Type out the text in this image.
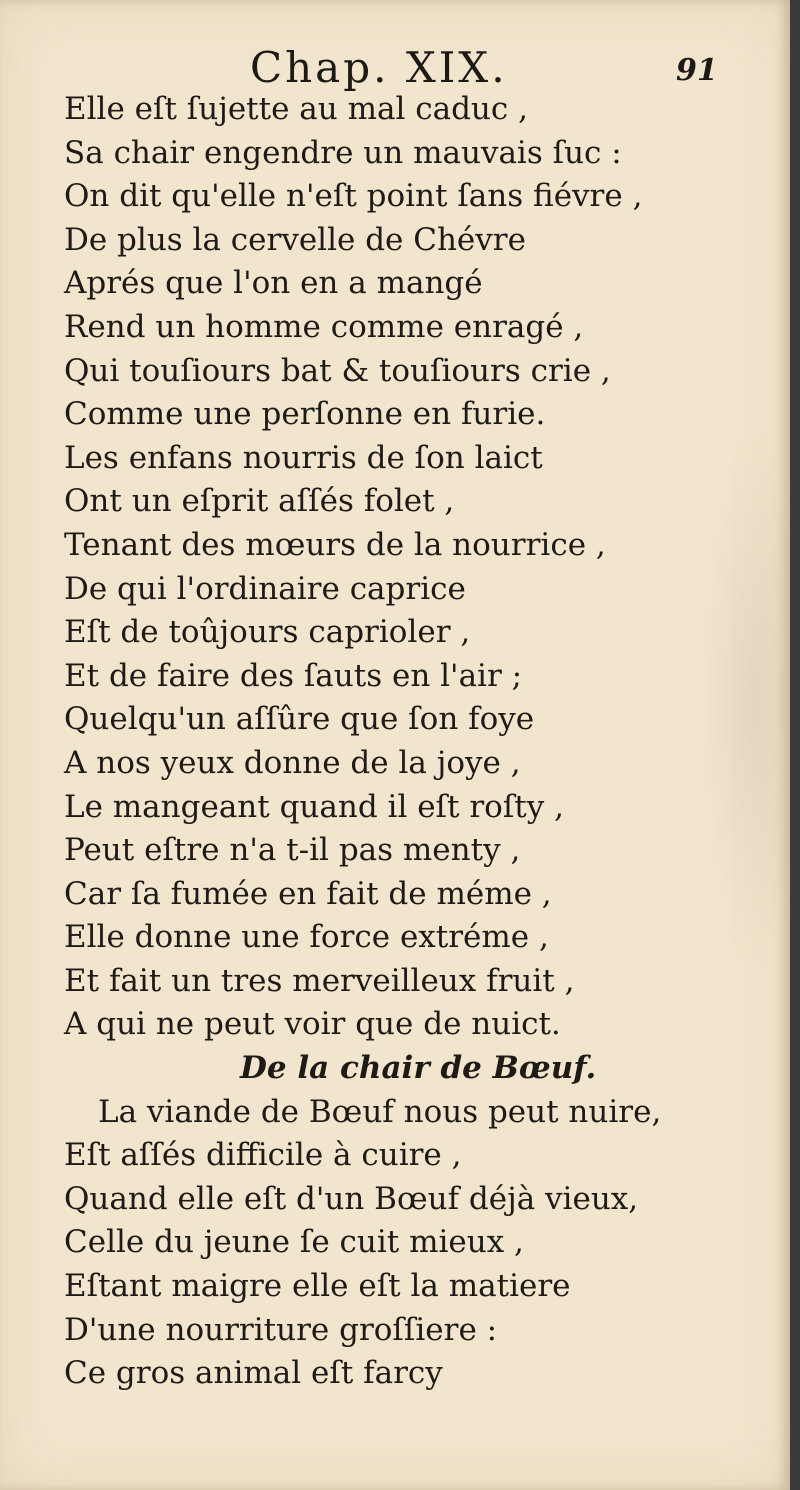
Chap. XIX.	91
Elle eſt ſujette au mal caduc ,
Sa chair engendre un mauvais ſuc :
On dit qu'elle n'eſt point ſans fiévre ,
De plus la cervelle de Chévre
Aprés que l'on en a mangé
Rend un homme comme enragé ,
Qui touſiours bat & touſiours crie ,
Comme une perſonne en furie.
Les enfans nourris de ſon laict
Ont un eſprit aſſés folet ,
Tenant des mœurs de la nourrice ,
De qui l'ordinaire caprice
Eſt de toûjours caprioler ,
Et de faire des ſauts en l'air ;
Quelqu'un aſſûre que ſon foye
A nos yeux donne de la joye ,
Le mangeant quand il eſt roſty ,
Peut eſtre n'a t-il pas menty ,
Car ſa fumée en fait de méme ,
Elle donne une force extréme ,
Et fait un tres merveilleux fruit ,
A qui ne peut voir que de nuict.
De la chair de Bœuf.
La viande de Bœuf nous peut nuire,
Eſt aſſés difficile à cuire ,
Quand elle eſt d'un Bœuf déjà vieux,
Celle du jeune ſe cuit mieux ,
Eſtant maigre elle eſt la matiere
D'une nourriture groſſiere :
Ce gros animal eſt farcy
